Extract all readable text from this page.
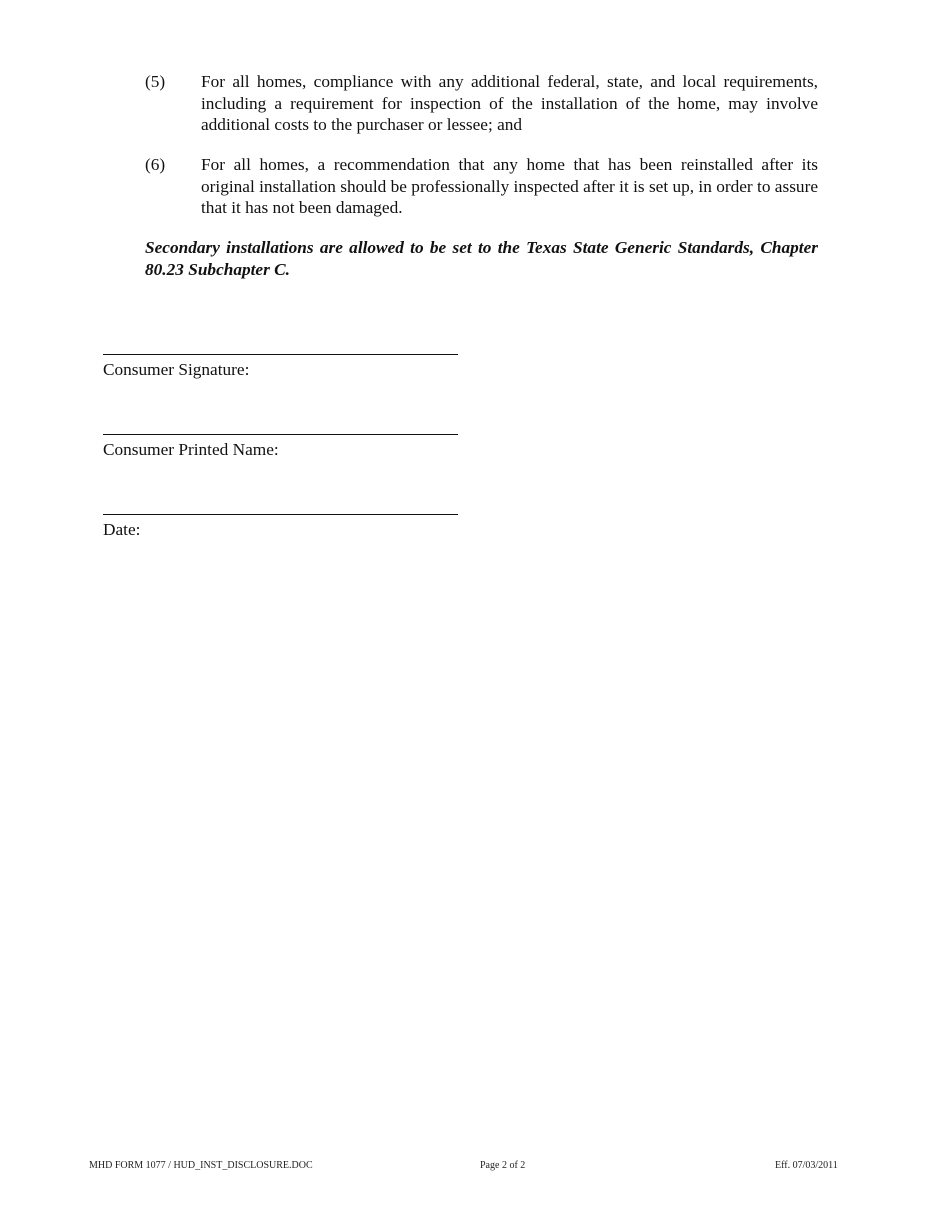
(5)	For all homes, compliance with any additional federal, state, and local requirements, including a requirement for inspection of the installation of the home, may involve additional costs to the purchaser or lessee; and
(6)	For all homes, a recommendation that any home that has been reinstalled after its original installation should be professionally inspected after it is set up, in order to assure that it has not been damaged.
Secondary installations are allowed to be set to the Texas State Generic Standards, Chapter 80.23 Subchapter C.
Consumer Signature:
Consumer Printed Name:
Date:
MHD FORM 1077 / HUD_INST_DISCLOSURE.DOC	Page 2 of 2	Eff. 07/03/2011
